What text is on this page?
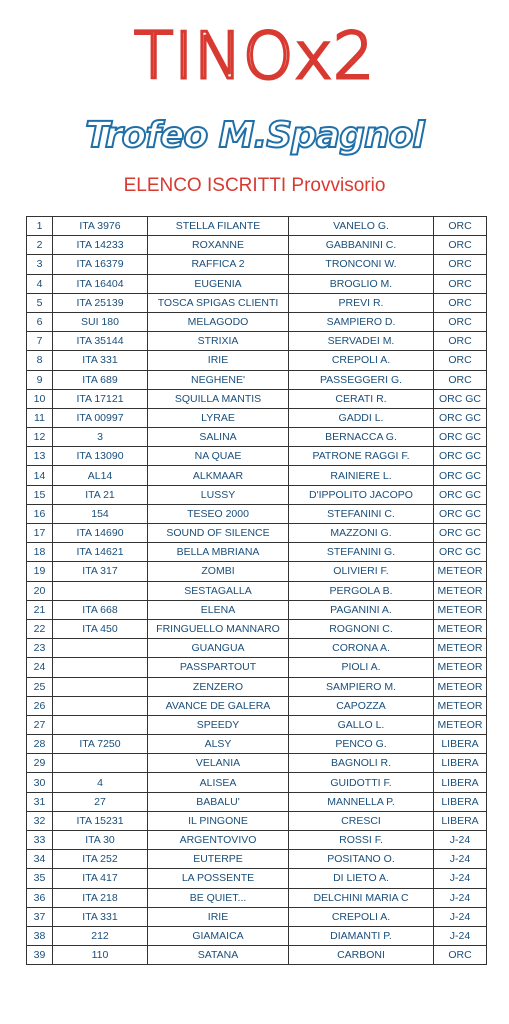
TINOx2
Trofeo M.Spagnol
ELENCO ISCRITTI Provvisorio
1	ITA 3976	STELLA FILANTE	VANELO G.	ORC
2	ITA 14233	ROXANNE	GABBANINI C.	ORC
3	ITA 16379	RAFFICA 2	TRONCONI W.	ORC
4	ITA 16404	EUGENIA	BROGLIO M.	ORC
5	ITA 25139	TOSCA SPIGAS CLIENTI	PREVI R.	ORC
6	SUI 180	MELAGODO	SAMPIERO D.	ORC
7	ITA 35144	STRIXIA	SERVADEI M.	ORC
8	ITA 331	IRIE	CREPOLI A.	ORC
9	ITA 689	NEGHENE'	PASSEGGERI G.	ORC
10	ITA 17121	SQUILLA MANTIS	CERATI R.	ORC GC
11	ITA 00997	LYRAE	GADDI L.	ORC GC
12	3	SALINA	BERNACCA G.	ORC GC
13	ITA 13090	NA QUAE	PATRONE RAGGI F.	ORC GC
14	AL14	ALKMAAR	RAINIERE L.	ORC GC
15	ITA 21	LUSSY	D'IPPOLITO JACOPO	ORC GC
16	154	TESEO 2000	STEFANINI C.	ORC GC
17	ITA 14690	SOUND OF SILENCE	MAZZONI G.	ORC GC
18	ITA 14621	BELLA MBRIANA	STEFANINI G.	ORC GC
19	ITA 317	ZOMBI	OLIVIERI F.	METEOR
20		SESTAGALLA	PERGOLA B.	METEOR
21	ITA 668	ELENA	PAGANINI A.	METEOR
22	ITA 450	FRINGUELLO MANNARO	ROGNONI C.	METEOR
23		GUANGUA	CORONA A.	METEOR
24		PASSPARTOUT	PIOLI A.	METEOR
25		ZENZERO	SAMPIERO M.	METEOR
26		AVANCE DE GALERA	CAPOZZA	METEOR
27		SPEEDY	GALLO L.	METEOR
28	ITA 7250	ALSY	PENCO G.	LIBERA
29		VELANIA	BAGNOLI R.	LIBERA
30	4	ALISEA	GUIDOTTI F.	LIBERA
31	27	BABALU'	MANNELLA P.	LIBERA
32	ITA 15231	IL PINGONE	CRESCI	LIBERA
33	ITA 30	ARGENTOVIVO	ROSSI F.	J-24
34	ITA 252	EUTERPE	POSITANO O.	J-24
35	ITA 417	LA POSSENTE	DI LIETO A.	J-24
36	ITA 218	BE QUIET...	DELCHINI MARIA C	J-24
37	ITA 331	IRIE	CREPOLI A.	J-24
38	212	GIAMAICA	DIAMANTI P.	J-24
39	110	SATANA	CARBONI	ORC
